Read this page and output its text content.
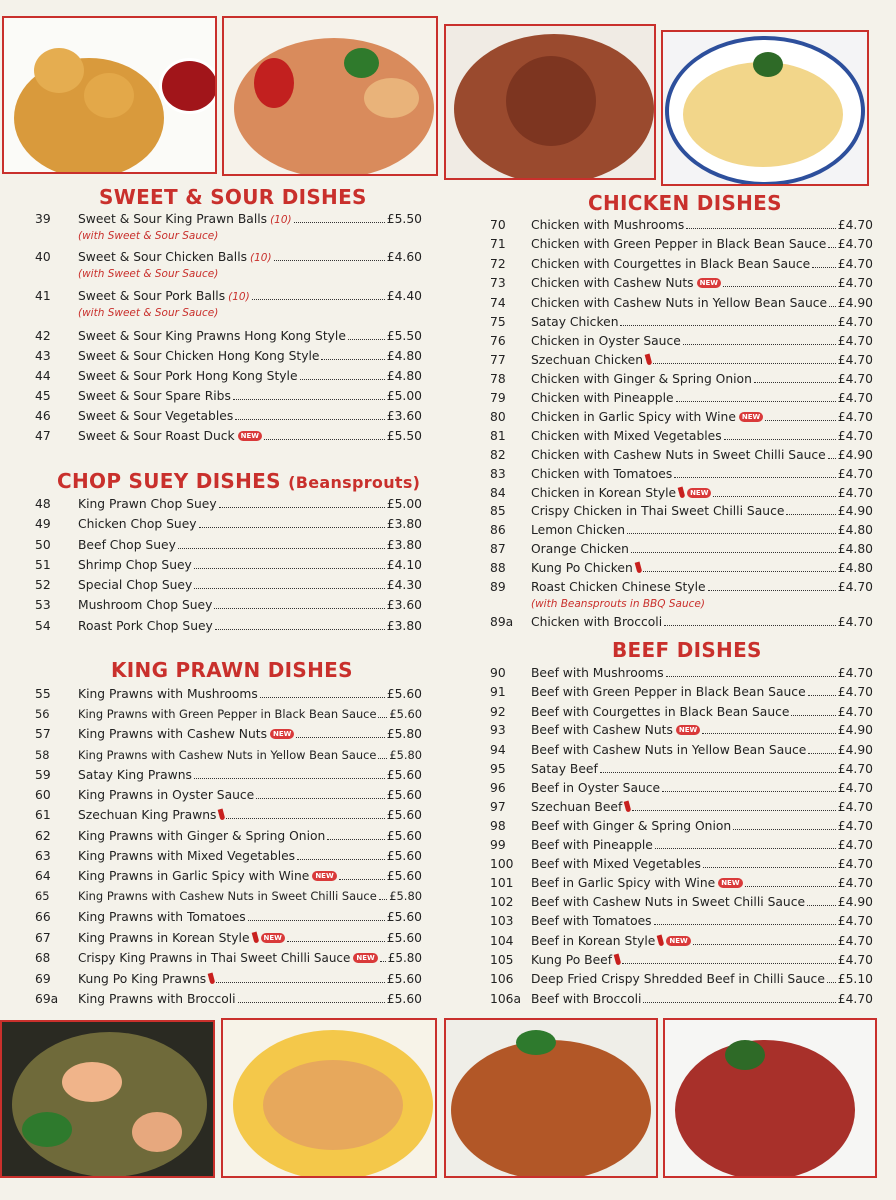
SWEET & SOUR DISHES
CHOP SUEY DISHES (Beansprouts)
KING PRAWN DISHES
CHICKEN DISHES
BEEF DISHES
39	Sweet & Sour King Prawn Balls (10)	£5.50
(with Sweet & Sour Sauce)
40	Sweet & Sour Chicken Balls (10)	£4.60
(with Sweet & Sour Sauce)
41	Sweet & Sour Pork Balls (10)	£4.40
(with Sweet & Sour Sauce)
42	Sweet & Sour King Prawns Hong Kong Style	£5.50
43	Sweet & Sour Chicken Hong Kong Style	£4.80
44	Sweet & Sour Pork Hong Kong Style	£4.80
45	Sweet & Sour Spare Ribs	£5.00
46	Sweet & Sour Vegetables	£3.60
47	Sweet & Sour Roast Duck NEW	£5.50
48	King Prawn Chop Suey	£5.00
49	Chicken Chop Suey	£3.80
50	Beef Chop Suey	£3.80
51	Shrimp Chop Suey	£4.10
52	Special Chop Suey	£4.30
53	Mushroom Chop Suey	£3.60
54	Roast Pork Chop Suey	£3.80
55	King Prawns with Mushrooms	£5.60
56	King Prawns with Green Pepper in Black Bean Sauce £5.60
57	King Prawns with Cashew Nuts NEW	£5.80
58	King Prawns with Cashew Nuts in Yellow Bean Sauce £5.80
59	Satay King Prawns	£5.60
60	King Prawns in Oyster Sauce	£5.60
61	Szechuan King Prawns	£5.60
62	King Prawns with Ginger & Spring Onion	£5.60
63	King Prawns with Mixed Vegetables	£5.60
64	King Prawns in Garlic Spicy with Wine NEW	£5.60
65	King Prawns with Cashew Nuts in Sweet Chilli Sauce £5.80
66	King Prawns with Tomatoes	£5.60
67	King Prawns in Korean Style NEW	£5.60
68	Crispy King Prawns in Thai Sweet Chilli Sauce NEW £5.80
69	Kung Po King Prawns	£5.60
69a	King Prawns with Broccoli	£5.60
70	Chicken with Mushrooms	£4.70
71	Chicken with Green Pepper in Black Bean Sauce £4.70
72	Chicken with Courgettes in Black Bean Sauce £4.70
73	Chicken with Cashew Nuts NEW	£4.70
74	Chicken with Cashew Nuts in Yellow Bean Sauce £4.90
75	Satay Chicken	£4.70
76	Chicken in Oyster Sauce	£4.70
77	Szechuan Chicken	£4.70
78	Chicken with Ginger & Spring Onion	£4.70
79	Chicken with Pineapple	£4.70
80	Chicken in Garlic Spicy with Wine NEW	£4.70
81	Chicken with Mixed Vegetables	£4.70
82	Chicken with Cashew Nuts in Sweet Chilli Sauce £4.90
83	Chicken with Tomatoes	£4.70
84	Chicken in Korean Style NEW	£4.70
85	Crispy Chicken in Thai Sweet Chilli Sauce	£4.90
86	Lemon Chicken	£4.80
87	Orange Chicken	£4.80
88	Kung Po Chicken	£4.80
89	Roast Chicken Chinese Style	£4.70
(with Beansprouts in BBQ Sauce)
89a	Chicken with Broccoli	£4.70
90	Beef with Mushrooms	£4.70
91	Beef with Green Pepper in Black Bean Sauce	£4.70
92	Beef with Courgettes in Black Bean Sauce	£4.70
93	Beef with Cashew Nuts NEW	£4.90
94	Beef with Cashew Nuts in Yellow Bean Sauce	£4.90
95	Satay Beef	£4.70
96	Beef in Oyster Sauce	£4.70
97	Szechuan Beef	£4.70
98	Beef with Ginger & Spring Onion	£4.70
99	Beef with Pineapple	£4.70
100	Beef with Mixed Vegetables	£4.70
101	Beef in Garlic Spicy with Wine NEW	£4.70
102	Beef with Cashew Nuts in Sweet Chilli Sauce	£4.90
103	Beef with Tomatoes	£4.70
104	Beef in Korean Style NEW	£4.70
105	Kung Po Beef	£4.70
106	Deep Fried Crispy Shredded Beef in Chilli Sauce £5.10
106a Beef with Broccoli	£4.70
